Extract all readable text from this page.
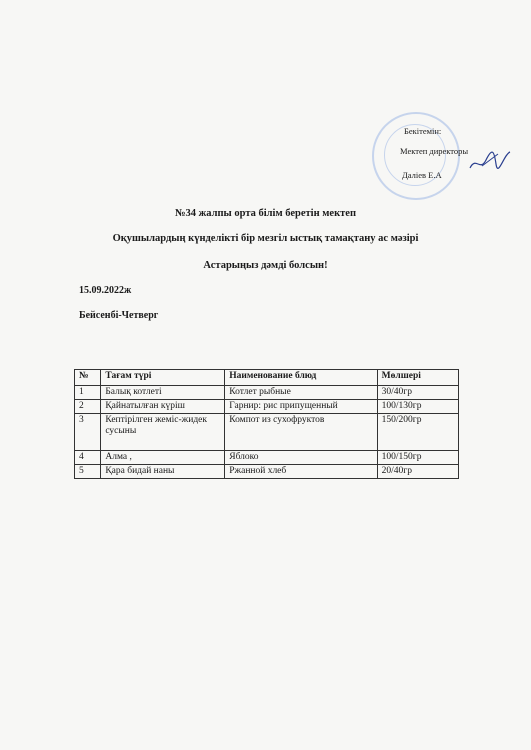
Бекітемін:
Мектеп директоры
Даліев Е.А
№34 жалпы орта білім беретін мектеп
Оқушылардың күнделікті бір мезгіл ыстық тамақтану ас мәзірі
Астарыңыз дәмді болсын!
15.09.2022ж
Бейсенбі-Четверг
№	Тағам түрі	Наименование блюд	Мөлшері
1	Балық котлеті	Котлет рыбные	30/40гр
2	Қайнатылған күріш	Гарнир: рис припущенный	100/130гр
3	Кептірілген жеміс-жидек сусыны	Компот из сухофруктов	150/200гр
4	Алма ,	Яблоко	100/150гр
5	Қара бидай наны	Ржанной хлеб	20/40гр
